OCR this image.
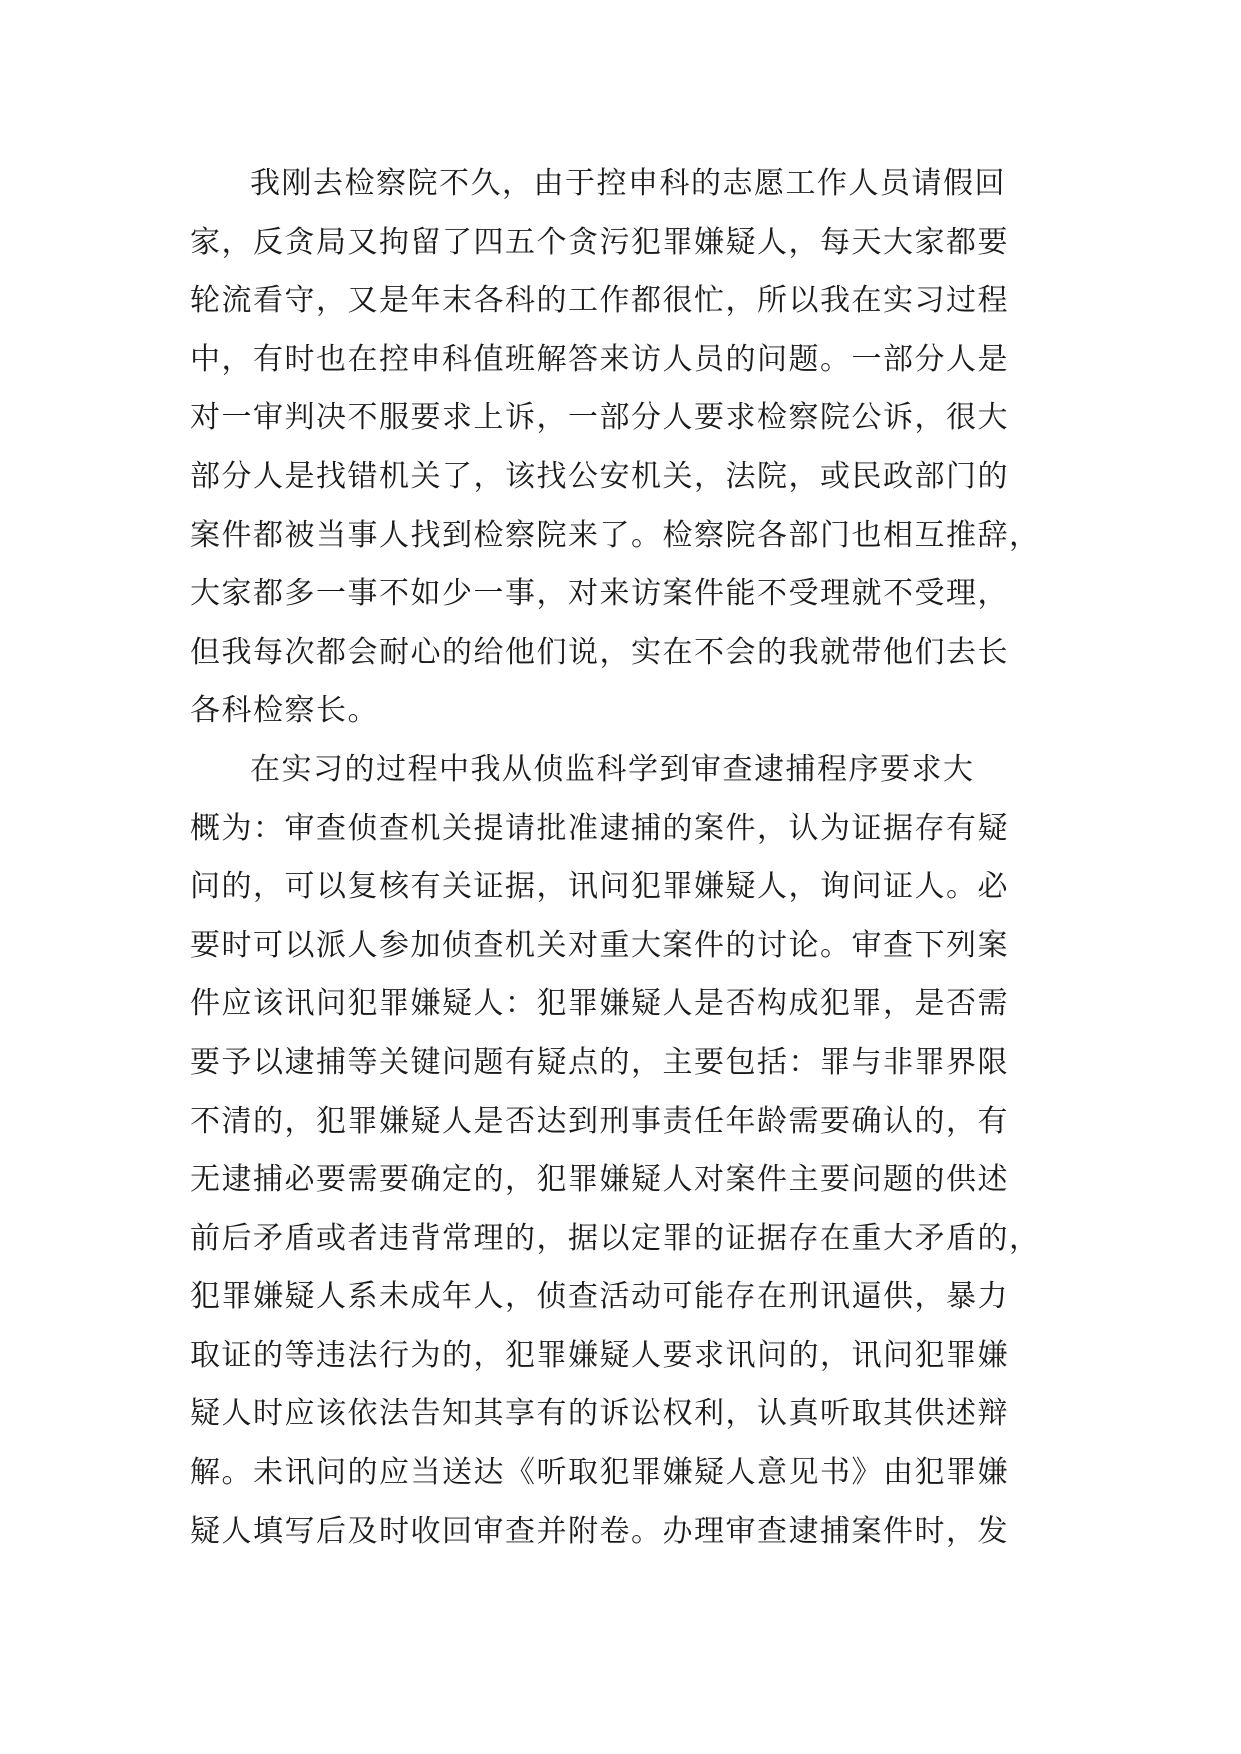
我刚去检察院不久，由于控申科的志愿工作人员请假回
家，反贪局又拘留了四五个贪污犯罪嫌疑人，每天大家都要
轮流看守，又是年末各科的工作都很忙，所以我在实习过程
中，有时也在控申科值班解答来访人员的问题。一部分人是
对一审判决不服要求上诉，一部分人要求检察院公诉，很大
部分人是找错机关了，该找公安机关，法院，或民政部门的
案件都被当事人找到检察院来了。检察院各部门也相互推辞，
大家都多一事不如少一事，对来访案件能不受理就不受理，
但我每次都会耐心的给他们说，实在不会的我就带他们去长
各科检察长。
在实习的过程中我从侦监科学到审查逮捕程序要求大
概为：审查侦查机关提请批准逮捕的案件，认为证据存有疑
问的，可以复核有关证据，讯问犯罪嫌疑人，询问证人。必
要时可以派人参加侦查机关对重大案件的讨论。审查下列案
件应该讯问犯罪嫌疑人：犯罪嫌疑人是否构成犯罪，是否需
要予以逮捕等关键问题有疑点的，主要包括：罪与非罪界限
不清的，犯罪嫌疑人是否达到刑事责任年龄需要确认的，有
无逮捕必要需要确定的，犯罪嫌疑人对案件主要问题的供述
前后矛盾或者违背常理的，据以定罪的证据存在重大矛盾的，
犯罪嫌疑人系未成年人，侦查活动可能存在刑讯逼供，暴力
取证的等违法行为的，犯罪嫌疑人要求讯问的，讯问犯罪嫌
疑人时应该依法告知其享有的诉讼权利，认真听取其供述辩
解。未讯问的应当送达《听取犯罪嫌疑人意见书》由犯罪嫌
疑人填写后及时收回审查并附卷。办理审查逮捕案件时，发
